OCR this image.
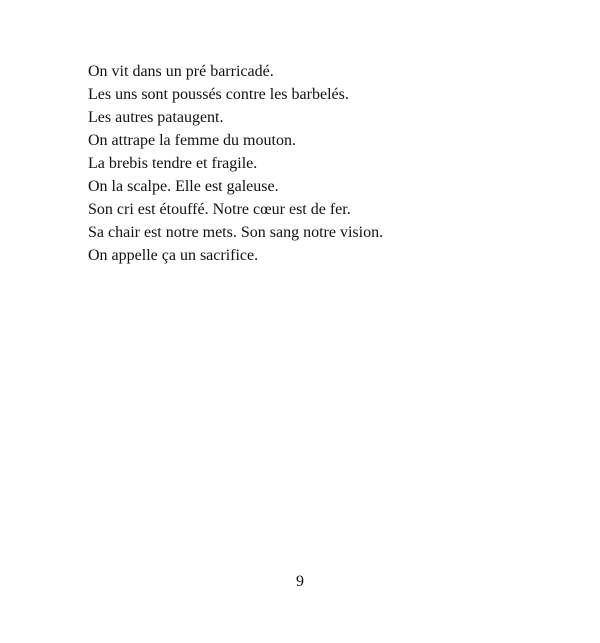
On vit dans un pré barricadé.
Les uns sont poussés contre les barbelés.
Les autres pataugent.
On attrape la femme du mouton.
La brebis tendre et fragile.
On la scalpe. Elle est galeuse.
Son cri est étouffé. Notre cœur est de fer.
Sa chair est notre mets. Son sang notre vision.
On appelle ça un sacrifice.
9
